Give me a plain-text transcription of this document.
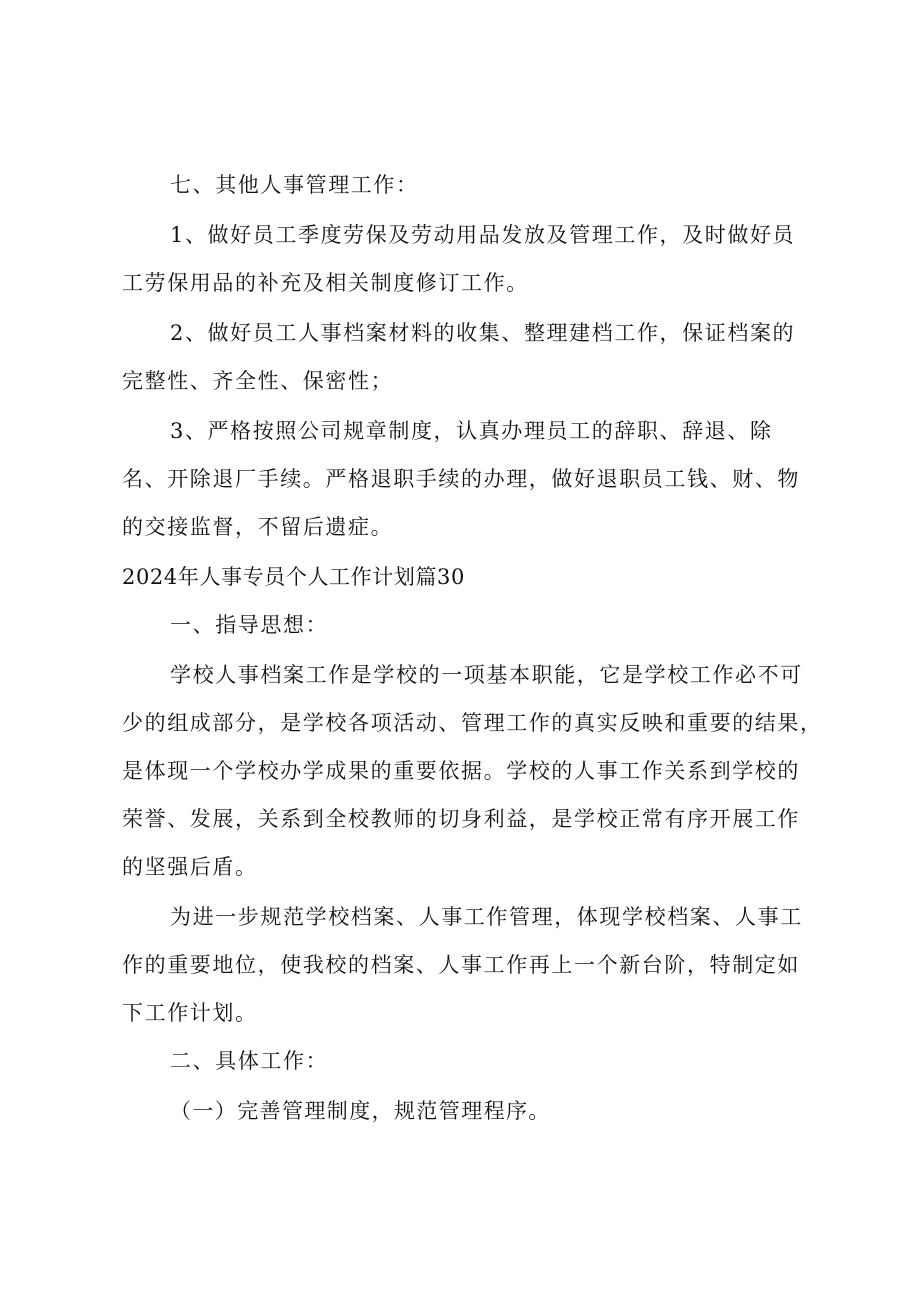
七、其他人事管理工作：
1、做好员工季度劳保及劳动用品发放及管理工作，及时做好员
工劳保用品的补充及相关制度修订工作。
2、做好员工人事档案材料的收集、整理建档工作，保证档案的
完整性、齐全性、保密性；
3、严格按照公司规章制度，认真办理员工的辞职、辞退、除
名、开除退厂手续。严格退职手续的办理，做好退职员工钱、财、物
的交接监督，不留后遗症。
2024年人事专员个人工作计划篇30
一、指导思想：
学校人事档案工作是学校的一项基本职能，它是学校工作必不可
少的组成部分，是学校各项活动、管理工作的真实反映和重要的结果，
是体现一个学校办学成果的重要依据。学校的人事工作关系到学校的
荣誉、发展，关系到全校教师的切身利益，是学校正常有序开展工作
的坚强后盾。
为进一步规范学校档案、人事工作管理，体现学校档案、人事工
作的重要地位，使我校的档案、人事工作再上一个新台阶，特制定如
下工作计划。
二、具体工作：
（一）完善管理制度，规范管理程序。
